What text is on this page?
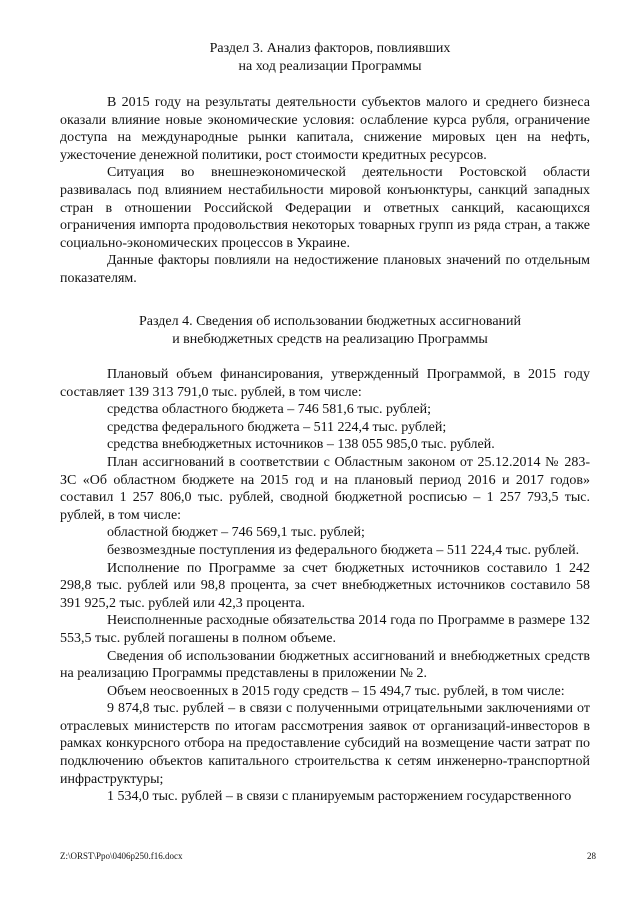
Раздел 3. Анализ факторов, повлиявших
на ход реализации Программы

В 2015 году на результаты деятельности субъектов малого и среднего бизнеса оказали влияние новые экономические условия: ослабление курса рубля, ограничение доступа на международные рынки капитала, снижение мировых цен на нефть, ужесточение денежной политики, рост стоимости кредитных ресурсов.

Ситуация во внешнеэкономической деятельности Ростовской области развивалась под влиянием нестабильности мировой конъюнктуры, санкций западных стран в отношении Российской Федерации и ответных санкций, касающихся ограничения импорта продовольствия некоторых товарных групп из ряда стран, а также социально-экономических процессов в Украине.

Данные факторы повлияли на недостижение плановых значений по отдельным показателям.

Раздел 4. Сведения об использовании бюджетных ассигнований
и внебюджетных средств на реализацию Программы

Плановый объем финансирования, утвержденный Программой, в 2015 году составляет 139 313 791,0 тыс. рублей, в том числе:

средства областного бюджета – 746 581,6 тыс. рублей;

средства федерального бюджета – 511 224,4 тыс. рублей;

средства внебюджетных источников – 138 055 985,0 тыс. рублей.

План ассигнований в соответствии с Областным законом от 25.12.2014 № 283-ЗС «Об областном бюджете на 2015 год и на плановый период 2016 и 2017 годов» составил 1 257 806,0 тыс. рублей, сводной бюджетной росписью – 1 257 793,5 тыс. рублей, в том числе:

областной бюджет – 746 569,1 тыс. рублей;

безвозмездные поступления из федерального бюджета – 511 224,4 тыс. рублей.

Исполнение по Программе за счет бюджетных источников составило 1 242 298,8 тыс. рублей или 98,8 процента, за счет внебюджетных источников составило 58 391 925,2 тыс. рублей или 42,3 процента.

Неисполненные расходные обязательства 2014 года по Программе в размере 132 553,5 тыс. рублей погашены в полном объеме.

Сведения об использовании бюджетных ассигнований и внебюджетных средств на реализацию Программы представлены в приложении № 2.

Объем неосвоенных в 2015 году средств – 15 494,7 тыс. рублей, в том числе:

9 874,8 тыс. рублей – в связи с полученными отрицательными заключениями от отраслевых министерств по итогам рассмотрения заявок от организаций-инвесторов в рамках конкурсного отбора на предоставление субсидий на возмещение части затрат по подключению объектов капитального строительства к сетям инженерно-транспортной инфраструктуры;

1 534,0 тыс. рублей – в связи с планируемым расторжением государственного

Z:\ORST\Ppo\0406p250.f16.docx	28
